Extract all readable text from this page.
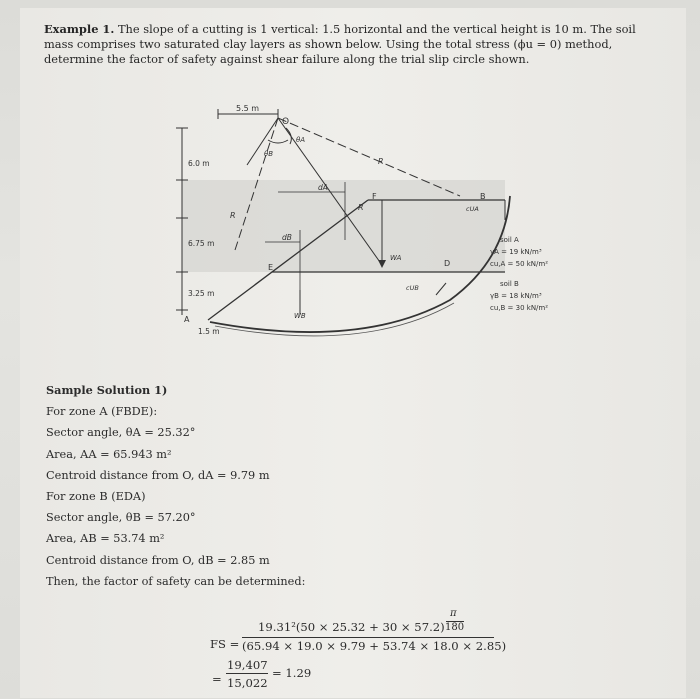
Example 1. The slope of a cutting is 1 vertical: 1.5 horizontal and the vertical height is 10 m. The soil mass comprises two saturated clay layers as shown below. Using the total stress (ϕu = 0) method, determine the factor of safety against shear failure along the trial slip circle shown.
5.5 m
O
6.0 m
6.75 m
3.25 m
1.5 m
A
B
D
E
F
R
R
R
θA
θB
dA
dB
WA
WB
cUA
cUB
soil A
γA = 19 kN/m³
cu,A = 50 kN/m²
soil B
γB = 18 kN/m³
cu,B = 30 kN/m²
Sample Solution 1)
For zone A (FBDE):
Sector angle, θA = 25.32°
Area, AA = 65.943 m²
Centroid distance from O, dA = 9.79 m
For zone B (EDA)
Sector angle, θB = 57.20°
Area, AB = 53.74 m²
Centroid distance from O, dB = 2.85 m
Then, the factor of safety can be determined:
FS =
19.31²(50 × 25.32 + 30 × 57.2)
π
180
(65.94 × 19.0 × 9.79 + 53.74 × 18.0 × 2.85)
=
19,407
15,022
= 1.29
